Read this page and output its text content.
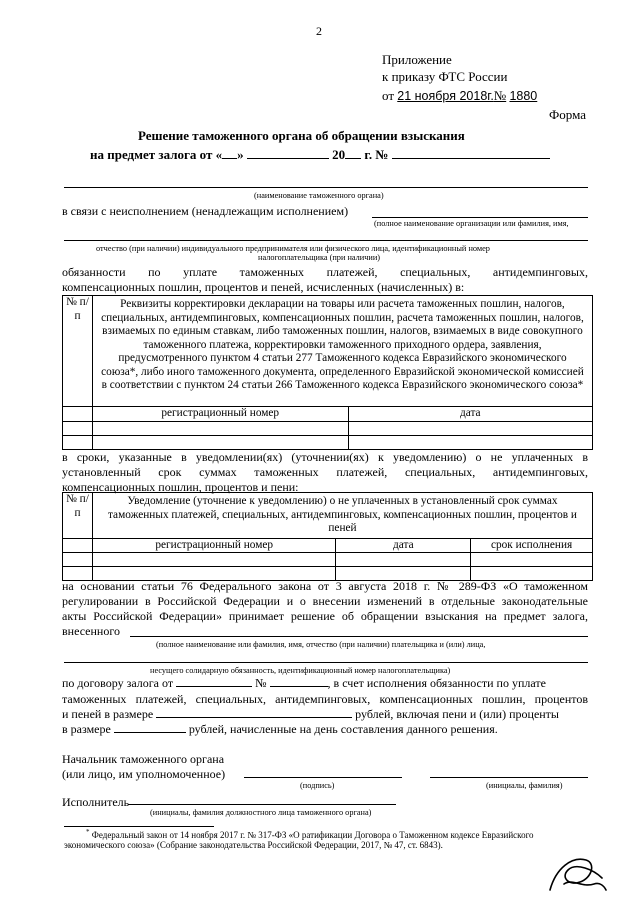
2
Приложение
к приказу ФТС России
от 21 ноября 2018г.№ 1880
Форма
Решение таможенного органа об обращении взыскания
на предмет залога от « »	20 г. №
(наименование таможенного органа)
в связи с неисполнением (ненадлежащим исполнением)
(полное наименование организации или фамилия, имя,
отчество (при наличии) индивидуального предпринимателя или физического лица, идентификационный номер
налогоплательщика (при наличии)
обязанности по уплате таможенных платежей, специальных, антидемпинговых,
компенсационных пошлин, процентов и пеней, исчисленных (начисленных) в:
№ п/п	Реквизиты корректировки декларации на товары или расчета таможенных пошлин, налогов, специальных, антидемпинговых, компенсационных пошлин, расчета таможенных пошлин, налогов, взимаемых по единым ставкам, либо таможенных пошлин, налогов, взимаемых в виде совокупного таможенного платежа, корректировки таможенного приходного ордера, заявления, предусмотренного пунктом 4 статьи 277 Таможенного кодекса Евразийского экономического союза*, либо иного таможенного документа, определенного Евразийской экономической комиссией в соответствии с пунктом 24 статьи 266 Таможенного кодекса Евразийского экономического союза*	
	регистрационный номер	дата

в сроки, указанные в уведомлении(ях) (уточнении(ях) к уведомлению) о не уплаченных в
установленный срок суммах таможенных платежей, специальных, антидемпинговых,
компенсационных пошлин, процентов и пени:
№ п/п	Уведомление (уточнение к уведомлению) о не уплаченных в установленный срок суммах таможенных платежей, специальных, антидемпинговых, компенсационных пошлин, процентов и пеней		
	регистрационный номер	дата	срок исполнения

на основании статьи 76 Федерального закона от 3 августа 2018 г. № 289-ФЗ «О таможенном
регулировании в Российской Федерации и о внесении изменений в отдельные законодательные
акты Российской Федерации» принимает решение об обращении взыскания на предмет залога,
внесенного
(полное наименование или фамилия, имя, отчество (при наличии) плательщика и (или) лица,
несущего солидарную обязанность, идентификационный номер налогоплательщика)
по договору залога от	№	, в счет исполнения обязанности по уплате
таможенных платежей, специальных, антидемпинговых, компенсационных пошлин, процентов
и пеней в размере	рублей, включая пени и (или) проценты
в размере	рублей, начисленные на день составления данного решения.
Начальник таможенного органа
(или лицо, им уполномоченное)
(подпись)	(инициалы, фамилия)
Исполнитель
(инициалы, фамилия должностного лица таможенного органа)
* Федеральный закон от 14 ноября 2017 г. № 317-ФЗ «О ратификации Договора о Таможенном кодексе Евразийского
экономического союза» (Собрание законодательства Российской Федерации, 2017, № 47, ст. 6843).
